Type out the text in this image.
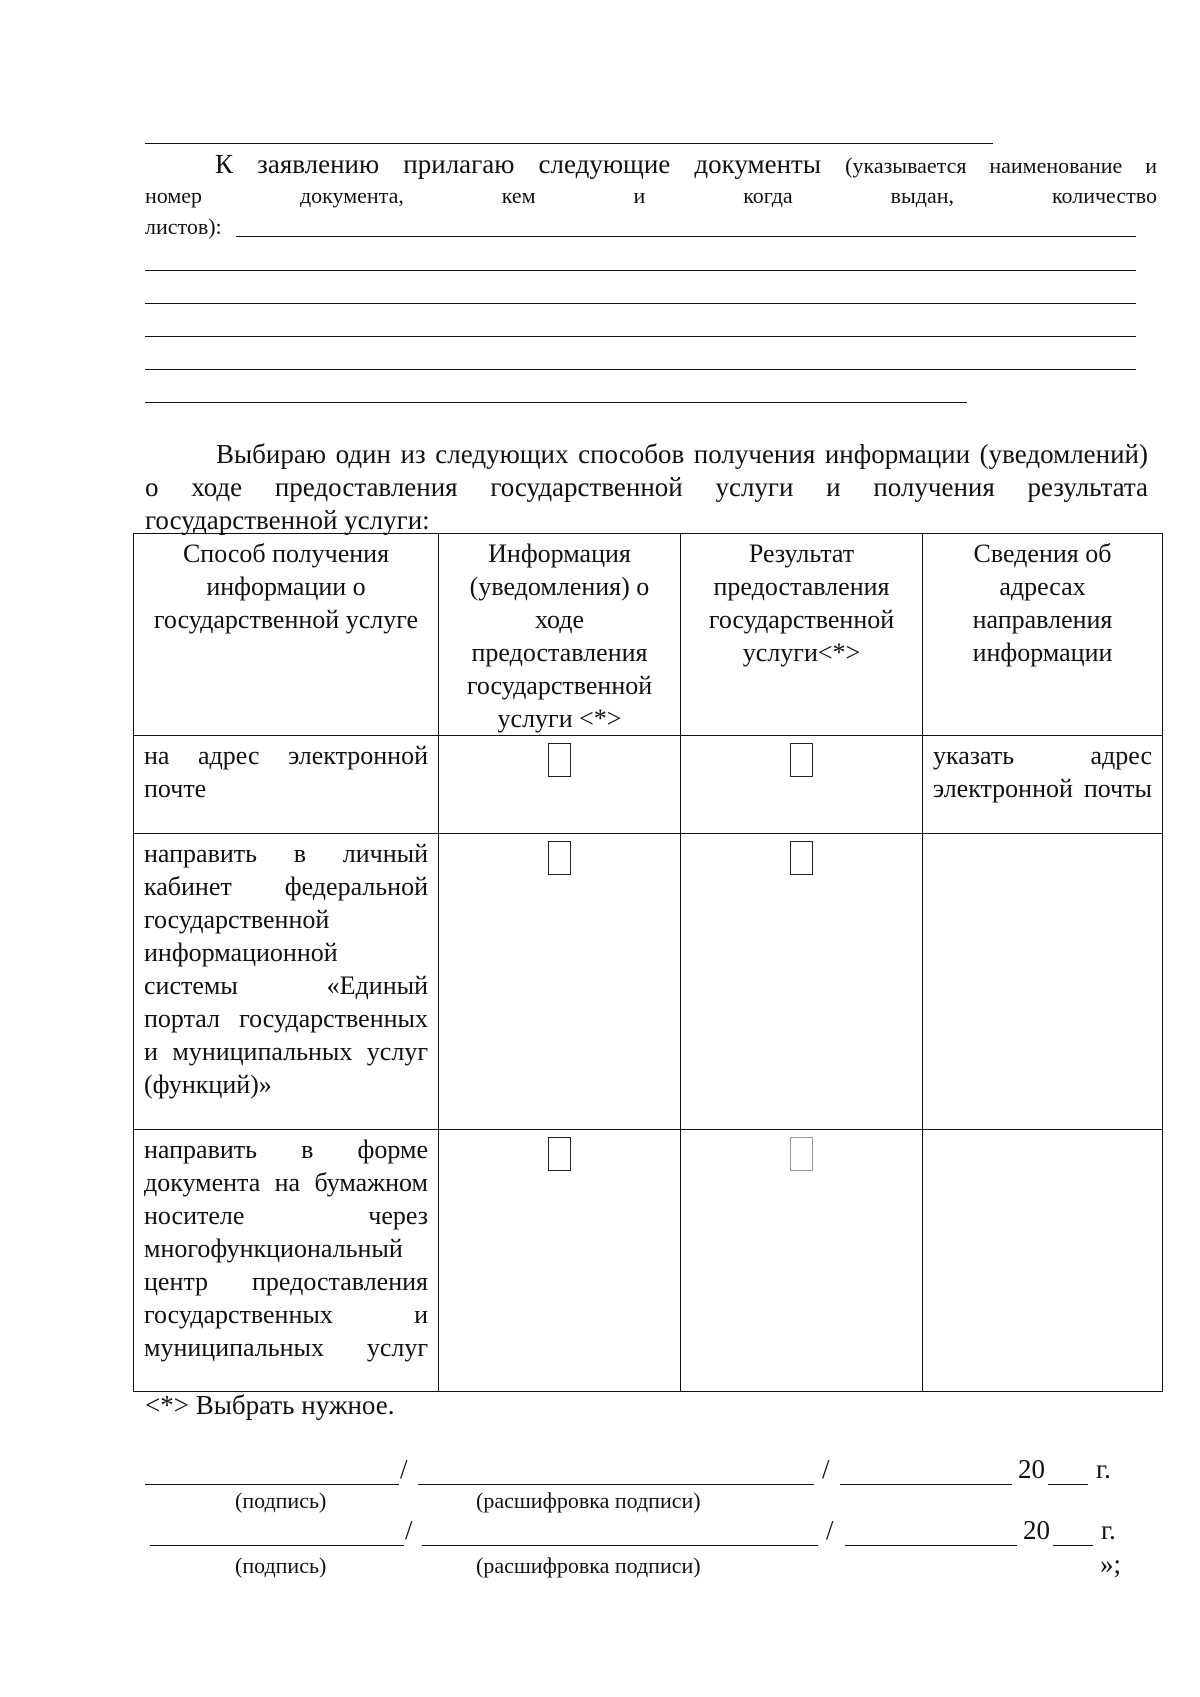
К заявлению прилагаю следующие документы (указывается наименование и
номер	документа,	кем	и	когда	выдан,	количество
листов):
Выбираю один из следующих способов получения информации (уведомлений) о ходе предоставления государственной услуги и получения результата государственной услуги:
Способ получения информации о государственной услуге	Информация (уведомления) о ходе предоставления государственной услуги <*>	Результат предоставления государственной услуги<*>	Сведения об адресах направления информации
на адрес электронной почте			указать адрес электронной почты
направить в личный кабинет федеральной государственной информационной системы «Единый портал государственных и муниципальных услуг (функций)»			
направить в форме документа на бумажном носителе через многофункциональный центр предоставления государственных и муниципальных услуг			
<*> Выбрать нужное.
/	/	20 г.
(подпись)	(расшифровка подписи)
/	/	20 г.
(подпись)	(расшифровка подписи)	»;
